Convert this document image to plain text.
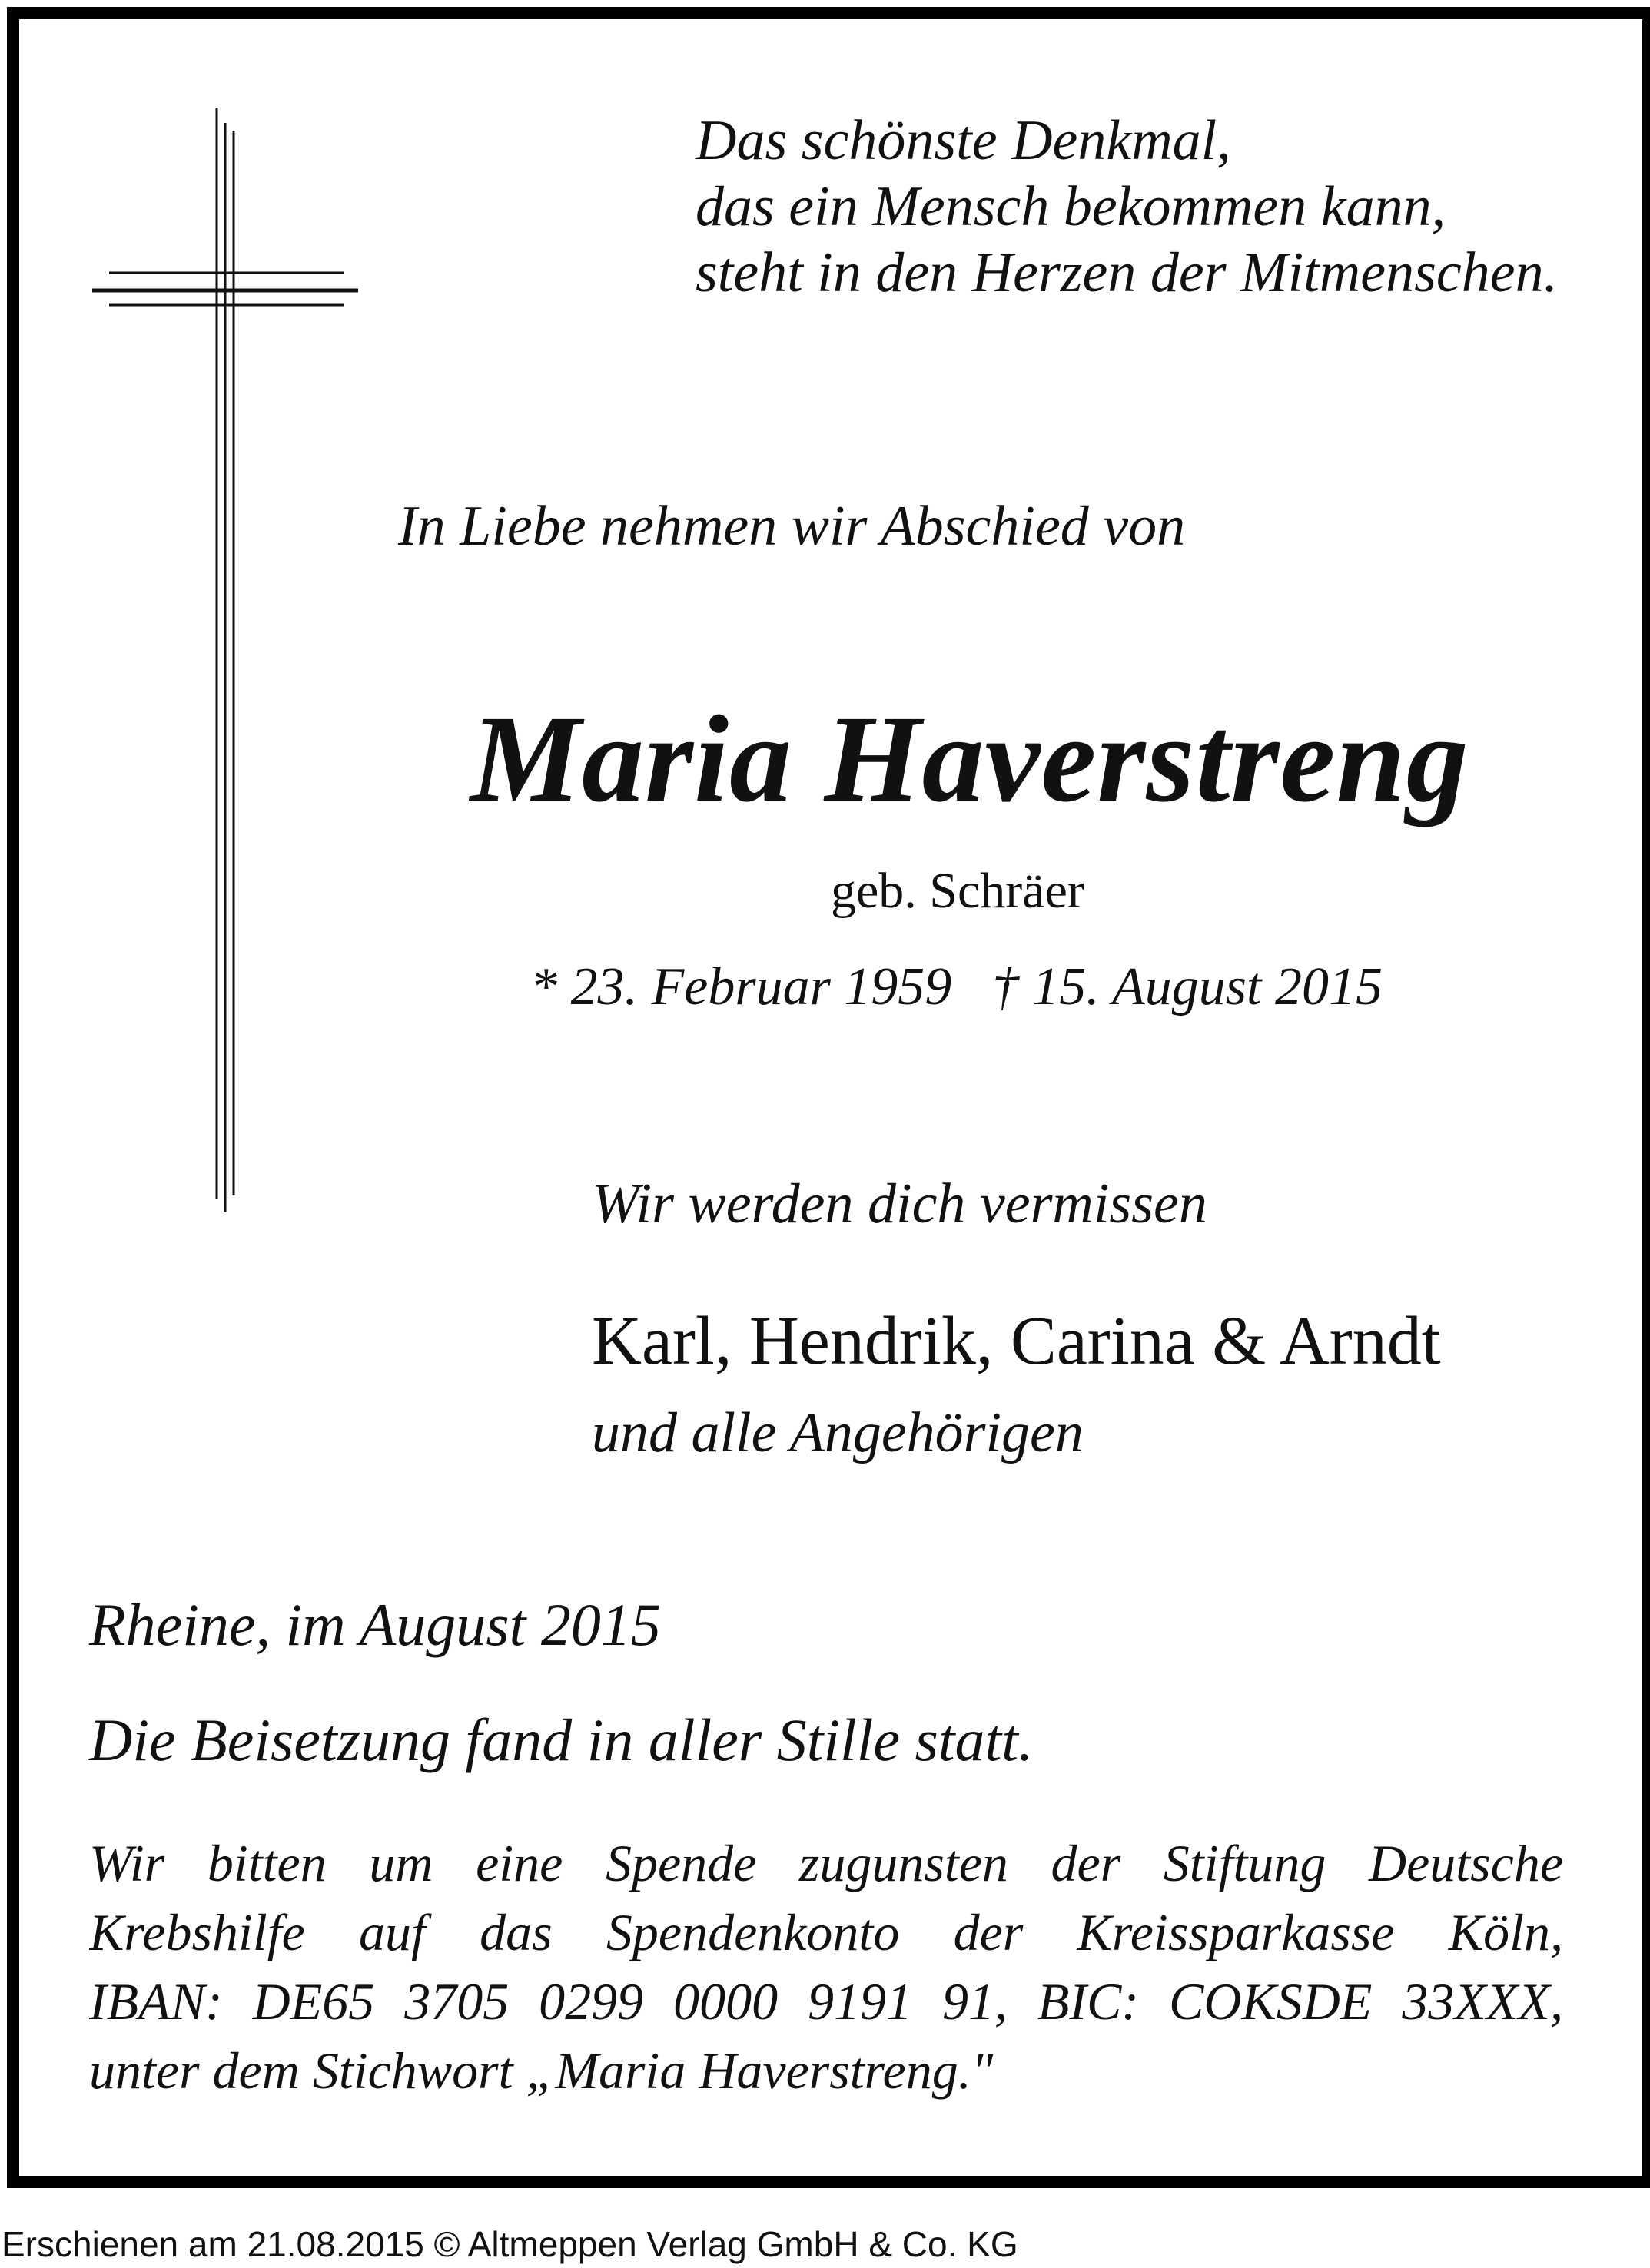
Das schönste Denkmal,
das ein Mensch bekommen kann,
steht in den Herzen der Mitmenschen.
In Liebe nehmen wir Abschied von
Maria Haverstreng
geb. Schräer
* 23. Februar 1959   † 15. August 2015
Wir werden dich vermissen
Karl, Hendrik, Carina & Arndt
und alle Angehörigen
Rheine, im August 2015
Die Beisetzung fand in aller Stille statt.
Wir bitten um eine Spende zugunsten der Stiftung Deutsche
Krebshilfe auf das Spendenkonto der Kreissparkasse Köln,
IBAN: DE65 3705 0299 0000 9191 91, BIC: COKSDE 33XXX,
unter dem Stichwort „Maria Haverstreng."
Erschienen am 21.08.2015 © Altmeppen Verlag GmbH & Co. KG
